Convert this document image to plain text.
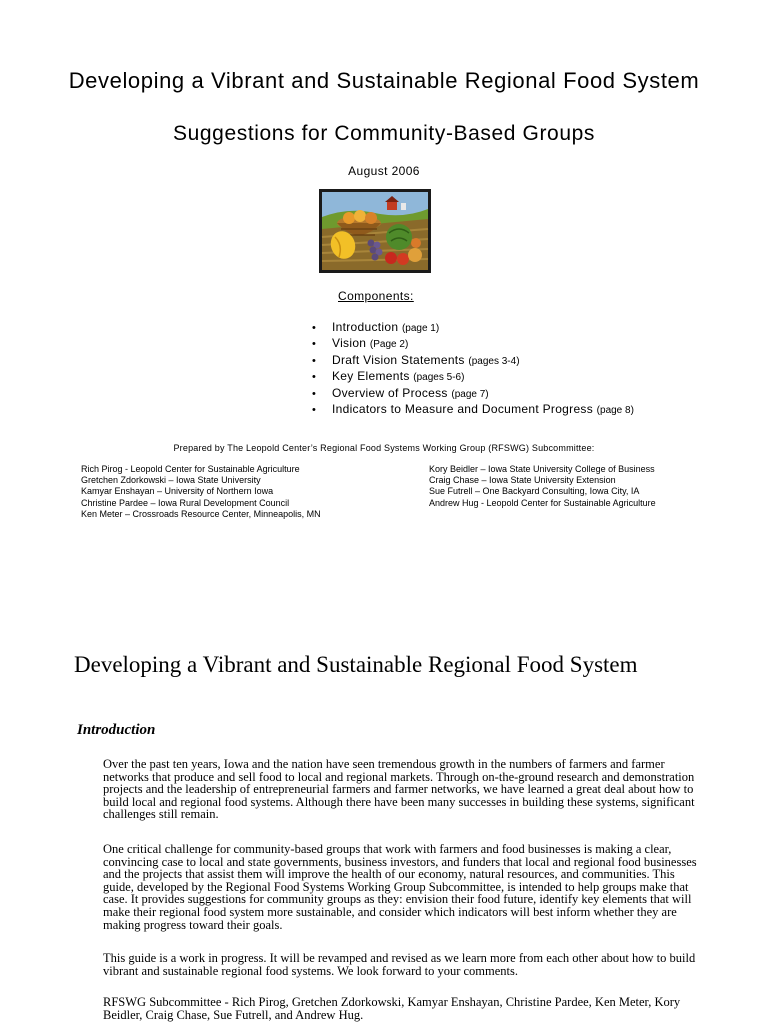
Developing a Vibrant and Sustainable Regional Food System
Suggestions for Community-Based Groups
August 2006
Components:
• Introduction (page 1)
• Vision (Page 2)
• Draft Vision Statements (pages 3-4)
• Key Elements (pages 5-6)
• Overview of Process (page 7)
• Indicators to Measure and Document Progress (page 8)
Prepared by The Leopold Center’s Regional Food Systems Working Group (RFSWG) Subcommittee:
Rich Pirog - Leopold Center for Sustainable Agriculture
Gretchen Zdorkowski – Iowa State University
Kamyar Enshayan – University of Northern Iowa
Christine Pardee – Iowa Rural Development Council
Ken Meter – Crossroads Resource Center, Minneapolis, MN
Kory Beidler – Iowa State University College of Business
Craig Chase – Iowa State University Extension
Sue Futrell – One Backyard Consulting, Iowa City, IA
Andrew Hug - Leopold Center for Sustainable Agriculture
Developing a Vibrant and Sustainable Regional Food System
Introduction

Over the past ten years, Iowa and the nation have seen tremendous growth in the numbers of farmers and farmer networks that produce and sell food to local and regional markets. Through on-the-ground research and demonstration projects and the leadership of entrepreneurial farmers and farmer networks, we have learned a great deal about how to build local and regional food systems. Although there have been many successes in building these systems, significant challenges still remain.

One critical challenge for community-based groups that work with farmers and food businesses is making a clear, convincing case to local and state governments, business investors, and funders that local and regional food businesses and the projects that assist them will improve the health of our economy, natural resources, and communities. This guide, developed by the Regional Food Systems Working Group Subcommittee, is intended to help groups make that case. It provides suggestions for community groups as they: envision their food future, identify key elements that will make their regional food system more sustainable, and consider which indicators will best inform whether they are making progress toward their goals.

This guide is a work in progress. It will be revamped and revised as we learn more from each other about how to build vibrant and sustainable regional food systems. We look forward to your comments.

RFSWG Subcommittee - Rich Pirog, Gretchen Zdorkowski, Kamyar Enshayan, Christine Pardee, Ken Meter, Kory Beidler, Craig Chase, Sue Futrell, and Andrew Hug.
